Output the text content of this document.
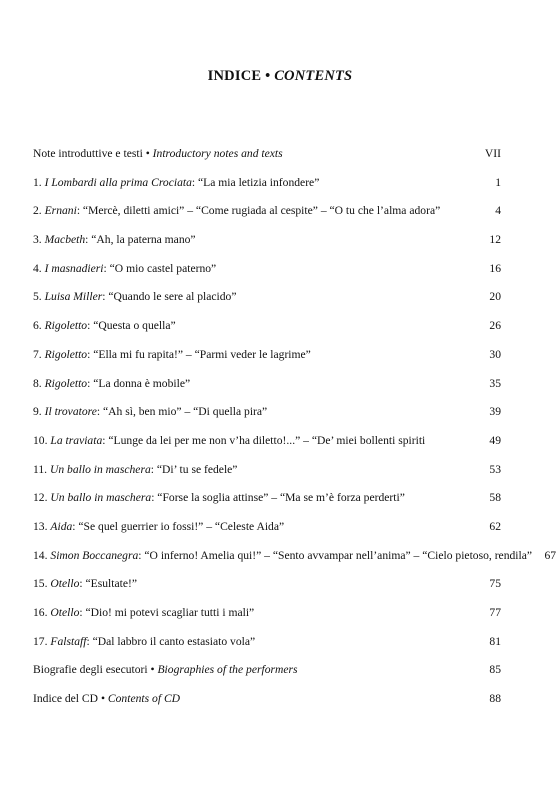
INDICE • CONTENTS
Note introduttive e testi • Introductory notes and texts	VII
1. I Lombardi alla prima Crociata: “La mia letizia infondere”	1
2. Ernani: “Mercè, diletti amici” – “Come rugiada al cespite” – “O tu che l’alma adora”	4
3. Macbeth: “Ah, la paterna mano”	12
4. I masnadieri: “O mio castel paterno”	16
5. Luisa Miller: “Quando le sere al placido”	20
6. Rigoletto: “Questa o quella”	26
7. Rigoletto: “Ella mi fu rapita!” – “Parmi veder le lagrime”	30
8. Rigoletto: “La donna è mobile”	35
9. Il trovatore: “Ah sì, ben mio” – “Di quella pira”	39
10. La traviata: “Lunge da lei per me non v’ha diletto!...” – “De’ miei bollenti spiriti	49
11. Un ballo in maschera: “Di’ tu se fedele”	53
12. Un ballo in maschera: “Forse la soglia attinse” – “Ma se m’è forza perderti”	58
13. Aida: “Se quel guerrier io fossi!” – “Celeste Aida”	62
14. Simon Boccanegra: “O inferno! Amelia qui!” – “Sento avvampar nell’anima” – “Cielo pietoso, rendila”	67
15. Otello: “Esultate!”	75
16. Otello: “Dio! mi potevi scagliar tutti i mali”	77
17. Falstaff: “Dal labbro il canto estasiato vola”	81
Biografie degli esecutori • Biographies of the performers	85
Indice del CD • Contents of CD	88
